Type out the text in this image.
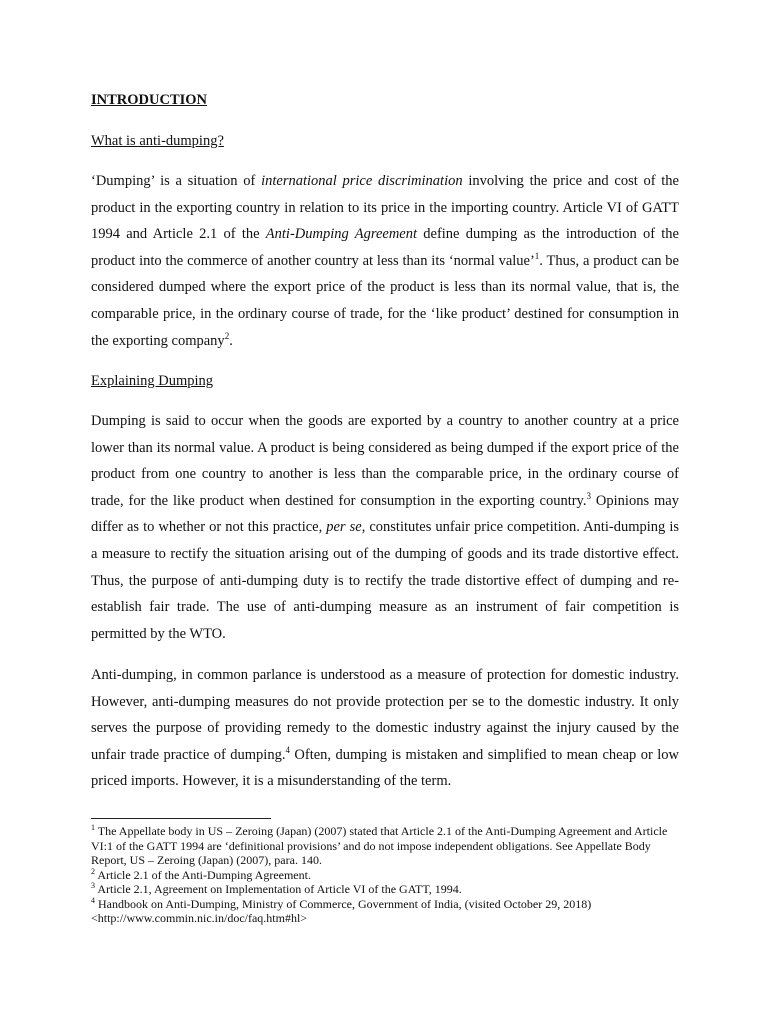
INTRODUCTION
What is anti-dumping?

‘Dumping’ is a situation of international price discrimination involving the price and cost of the product in the exporting country in relation to its price in the importing country. Article VI of GATT 1994 and Article 2.1 of the Anti-Dumping Agreement define dumping as the introduction of the product into the commerce of another country at less than its ‘normal value’$^1$. Thus, a product can be considered dumped where the export price of the product is less than its normal value, that is, the comparable price, in the ordinary course of trade, for the ‘like product’ destined for consumption in the exporting company$^2$.

Explaining Dumping

Dumping is said to occur when the goods are exported by a country to another country at a price lower than its normal value. A product is being considered as being dumped if the export price of the product from one country to another is less than the comparable price, in the ordinary course of trade, for the like product when destined for consumption in the exporting country.$^3$ Opinions may differ as to whether or not this practice, per se, constitutes unfair price competition. Anti-dumping is a measure to rectify the situation arising out of the dumping of goods and its trade distortive effect. Thus, the purpose of anti-dumping duty is to rectify the trade distortive effect of dumping and re-establish fair trade. The use of anti-dumping measure as an instrument of fair competition is permitted by the WTO.

Anti-dumping, in common parlance is understood as a measure of protection for domestic industry. However, anti-dumping measures do not provide protection per se to the domestic industry. It only serves the purpose of providing remedy to the domestic industry against the injury caused by the unfair trade practice of dumping.$^4$ Often, dumping is mistaken and simplified to mean cheap or low priced imports. However, it is a misunderstanding of the term.

$^1$ The Appellate body in US – Zeroing (Japan) (2007) stated that Article 2.1 of the Anti-Dumping Agreement and Article VI:1 of the GATT 1994 are ‘definitional provisions’ and do not impose independent obligations. See Appellate Body Report, US – Zeroing (Japan) (2007), para. 140.
$^2$ Article 2.1 of the Anti-Dumping Agreement.
$^3$ Article 2.1, Agreement on Implementation of Article VI of the GATT, 1994.
$^4$ Handbook on Anti-Dumping, Ministry of Commerce, Government of India, (visited October 29, 2018) <http://www.commin.nic.in/doc/faq.htm#hl>
